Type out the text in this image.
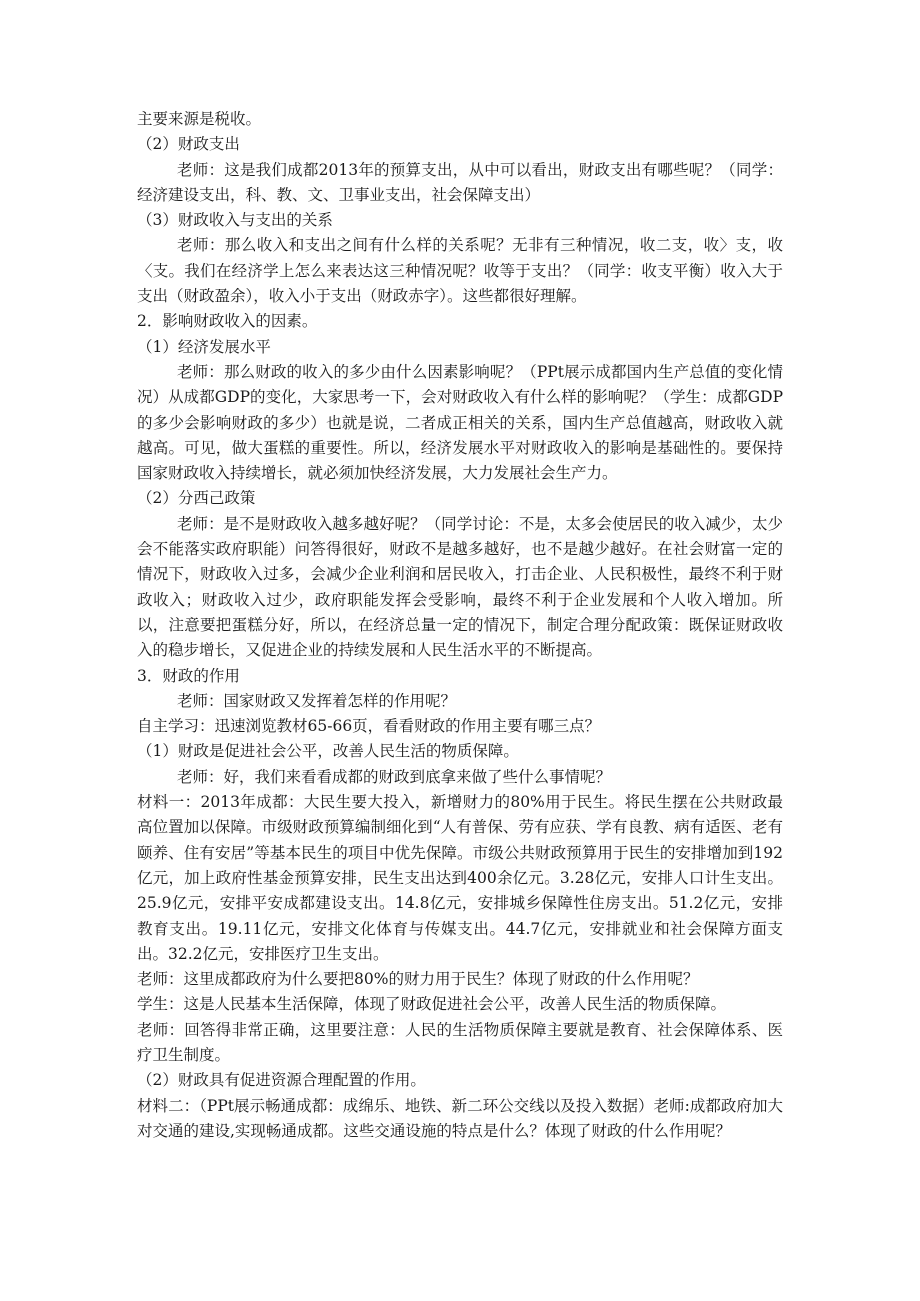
主要来源是税收。

（2）财政支出

老师：这是我们成都2013年的预算支出，从中可以看出，财政支出有哪些呢？（同学：经济建设支出，科、教、文、卫事业支出，社会保障支出）

（3）财政收入与支出的关系

老师：那么收入和支出之间有什么样的关系呢？无非有三种情况，收二支，收〉支，收〈支。我们在经济学上怎么来表达这三种情况呢？收等于支出？（同学：收支平衡）收入大于支出（财政盈余），收入小于支出（财政赤字）。这些都很好理解。

2．影响财政收入的因素。

（1）经济发展水平

老师：那么财政的收入的多少由什么因素影响呢？（PPt展示成都国内生产总值的变化情况）从成都GDP的变化，大家思考一下，会对财政收入有什么样的影响呢？（学生：成都GDP的多少会影响财政的多少）也就是说，二者成正相关的关系，国内生产总值越高，财政收入就越高。可见，做大蛋糕的重要性。所以，经济发展水平对财政收入的影响是基础性的。要保持国家财政收入持续增长，就必须加快经济发展，大力发展社会生产力。

（2）分西己政策

老师：是不是财政收入越多越好呢？（同学讨论：不是，太多会使居民的收入减少，太少会不能落实政府职能）问答得很好，财政不是越多越好，也不是越少越好。在社会财富一定的情况下，财政收入过多，会减少企业利润和居民收入，打击企业、人民积极性，最终不利于财政收入；财政收入过少，政府职能发挥会受影响，最终不利于企业发展和个人收入增加。所以，注意要把蛋糕分好，所以，在经济总量一定的情况下，制定合理分配政策：既保证财政收入的稳步增长，又促进企业的持续发展和人民生活水平的不断提高。

3．财政的作用

老师：国家财政又发挥着怎样的作用呢？

自主学习：迅速浏览教材65-66页，看看财政的作用主要有哪三点？

（1）财政是促进社会公平，改善人民生活的物质保障。

老师：好，我们来看看成都的财政到底拿来做了些什么事情呢？

材料一：2013年成都：大民生要大投入，新增财力的80%用于民生。将民生摆在公共财政最高位置加以保障。市级财政预算编制细化到“人有普保、劳有应获、学有良教、病有适医、老有颐养、住有安居”等基本民生的项目中优先保障。市级公共财政预算用于民生的安排增加到192亿元，加上政府性基金预算安排，民生支出达到400余亿元。3.28亿元，安排人口计生支出。25.9亿元，安排平安成都建设支出。14.8亿元，安排城乡保障性住房支出。51.2亿元，安排教育支出。19.11亿元，安排文化体育与传媒支出。44.7亿元，安排就业和社会保障方面支出。32.2亿元，安排医疗卫生支出。

老师：这里成都政府为什么要把80%的财力用于民生？体现了财政的什么作用呢？

学生：这是人民基本生活保障，体现了财政促进社会公平，改善人民生活的物质保障。

老师：回答得非常正确，这里要注意：人民的生活物质保障主要就是教育、社会保障体系、医疗卫生制度。

（2）财政具有促进资源合理配置的作用。

材料二：（PPt展示畅通成都：成绵乐、地铁、新二环公交线以及投入数据）老师:成都政府加大对交通的建设,实现畅通成都。这些交通设施的特点是什么？体现了财政的什么作用呢？
